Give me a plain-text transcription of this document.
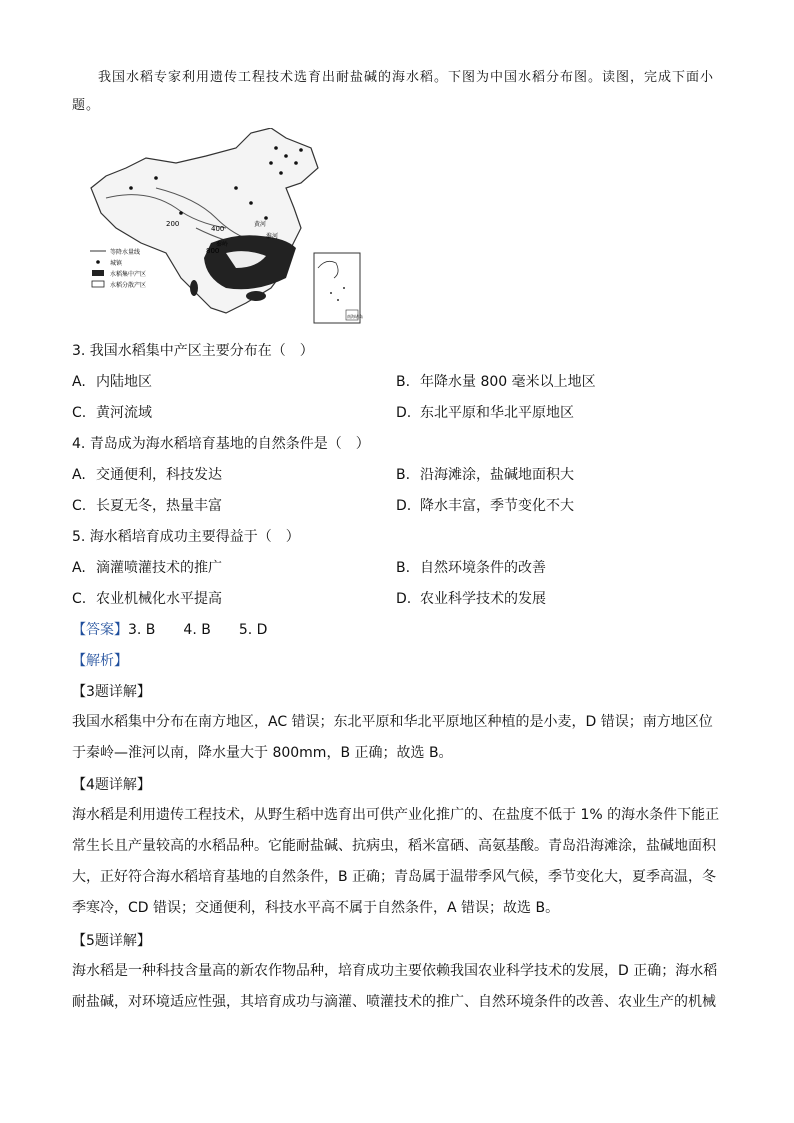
我国水稻专家利用遗传工程技术选育出耐盐碱的海水稻。下图为中国水稻分布图。读图，完成下面小题。
200
400
800
黄河
秦岭
淮河
等降水量线
城镇
水稻集中产区
水稻分散产区
南海诸岛
3. 我国水稻集中产区主要分布在（　）
A. 内陆地区	B. 年降水量 800 毫米以上地区
C. 黄河流域	D. 东北平原和华北平原地区
4. 青岛成为海水稻培育基地的自然条件是（　）
A. 交通便利，科技发达	B. 沿海滩涂，盐碱地面积大
C. 长夏无冬，热量丰富	D. 降水丰富，季节变化不大
5. 海水稻培育成功主要得益于（　）
A. 滴灌喷灌技术的推广	B. 自然环境条件的改善
C. 农业机械化水平提高	D. 农业科学技术的发展
【答案】3. B　　4. B　　5. D
【解析】
【3题详解】
我国水稻集中分布在南方地区，AC 错误；东北平原和华北平原地区种植的是小麦，D 错误；南方地区位
于秦岭—淮河以南，降水量大于 800mm，B 正确；故选 B。
【4题详解】
海水稻是利用遗传工程技术，从野生稻中选育出可供产业化推广的、在盐度不低于 1% 的海水条件下能正
常生长且产量较高的水稻品种。它能耐盐碱、抗病虫，稻米富硒、高氨基酸。青岛沿海滩涂，盐碱地面积
大，正好符合海水稻培育基地的自然条件，B 正确；青岛属于温带季风气候，季节变化大，夏季高温，冬
季寒冷，CD 错误；交通便利，科技水平高不属于自然条件，A 错误；故选 B。
【5题详解】
海水稻是一种科技含量高的新农作物品种，培育成功主要依赖我国农业科学技术的发展，D 正确；海水稻
耐盐碱，对环境适应性强，其培育成功与滴灌、喷灌技术的推广、自然环境条件的改善、农业生产的机械
